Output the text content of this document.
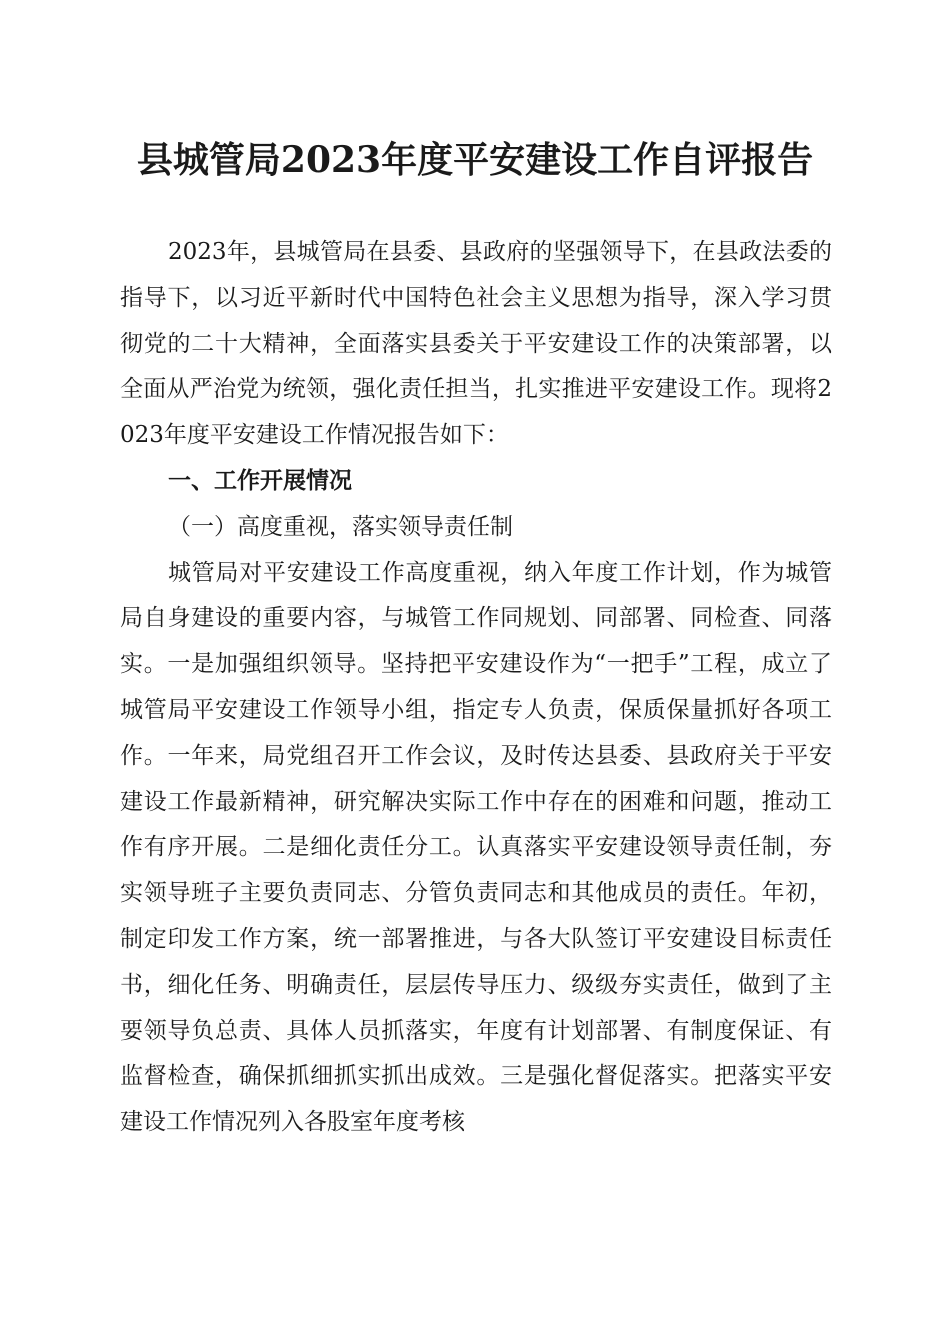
县城管局2023年度平安建设工作自评报告

2023年，县城管局在县委、县政府的坚强领导下，在县政法委的指导下，以习近平新时代中国特色社会主义思想为指导，深入学习贯彻党的二十大精神，全面落实县委关于平安建设工作的决策部署，以全面从严治党为统领，强化责任担当，扎实推进平安建设工作。现将2023年度平安建设工作情况报告如下：

一、工作开展情况

（一）高度重视，落实领导责任制

城管局对平安建设工作高度重视，纳入年度工作计划，作为城管局自身建设的重要内容，与城管工作同规划、同部署、同检查、同落实。一是加强组织领导。坚持把平安建设作为“一把手”工程，成立了城管局平安建设工作领导小组，指定专人负责，保质保量抓好各项工作。一年来，局党组召开工作会议，及时传达县委、县政府关于平安建设工作最新精神，研究解决实际工作中存在的困难和问题，推动工作有序开展。二是细化责任分工。认真落实平安建设领导责任制，夯实领导班子主要负责同志、分管负责同志和其他成员的责任。年初，制定印发工作方案，统一部署推进，与各大队签订平安建设目标责任书，细化任务、明确责任，层层传导压力、级级夯实责任，做到了主要领导负总责、具体人员抓落实，年度有计划部署、有制度保证、有监督检查，确保抓细抓实抓出成效。三是强化督促落实。把落实平安建设工作情况列入各股室年度考核
